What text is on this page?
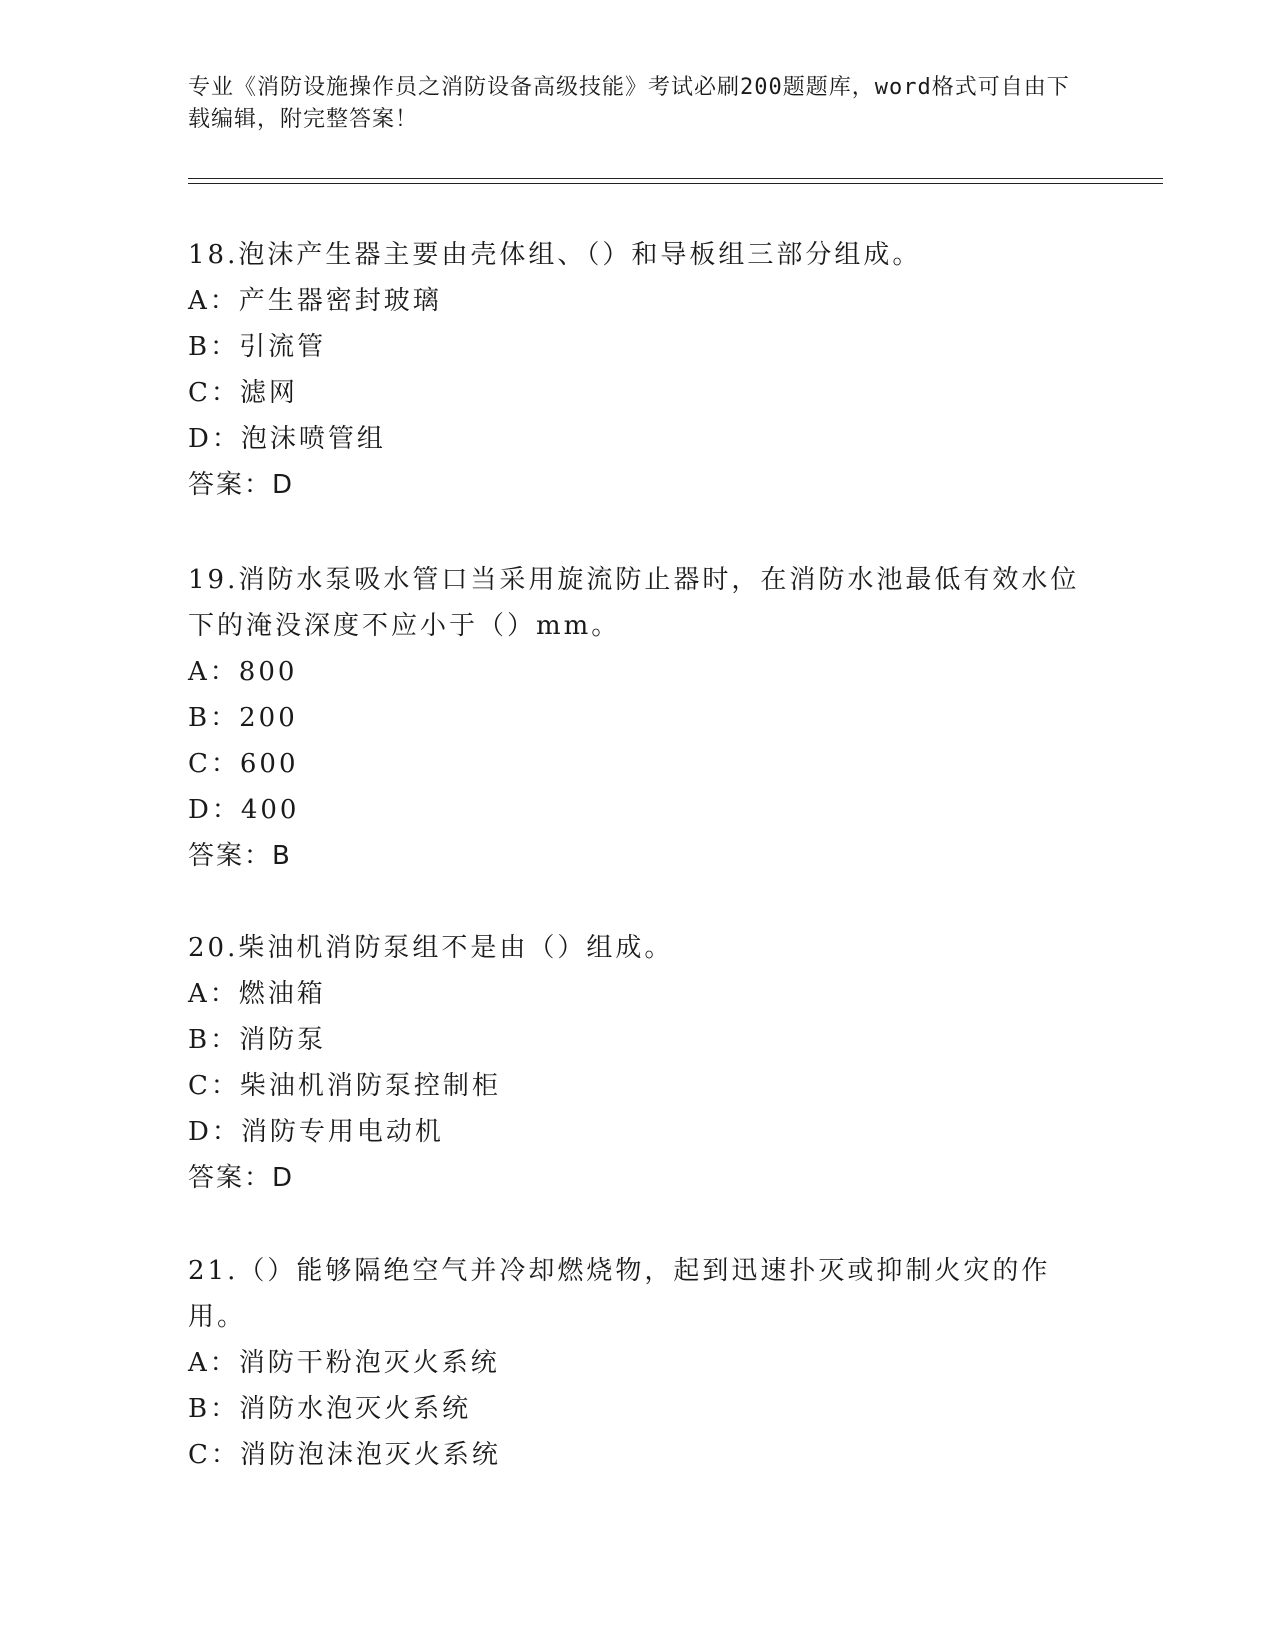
专业《消防设施操作员之消防设备高级技能》考试必刷200题题库，word格式可自由下载编辑，附完整答案！

18.泡沫产生器主要由壳体组、（）和导板组三部分组成。

A：产生器密封玻璃
B：引流管
C：滤网
D：泡沫喷管组
答案：D

19.消防水泵吸水管口当采用旋流防止器时，在消防水池最低有效水位下的淹没深度不应小于（）mm。

A：800
B：200
C：600
D：400
答案：B

20.柴油机消防泵组不是由（）组成。

A：燃油箱
B：消防泵
C：柴油机消防泵控制柜
D：消防专用电动机
答案：D

21.（）能够隔绝空气并冷却燃烧物，起到迅速扑灭或抑制火灾的作用。

A：消防干粉泡灭火系统
B：消防水泡灭火系统
C：消防泡沫泡灭火系统
